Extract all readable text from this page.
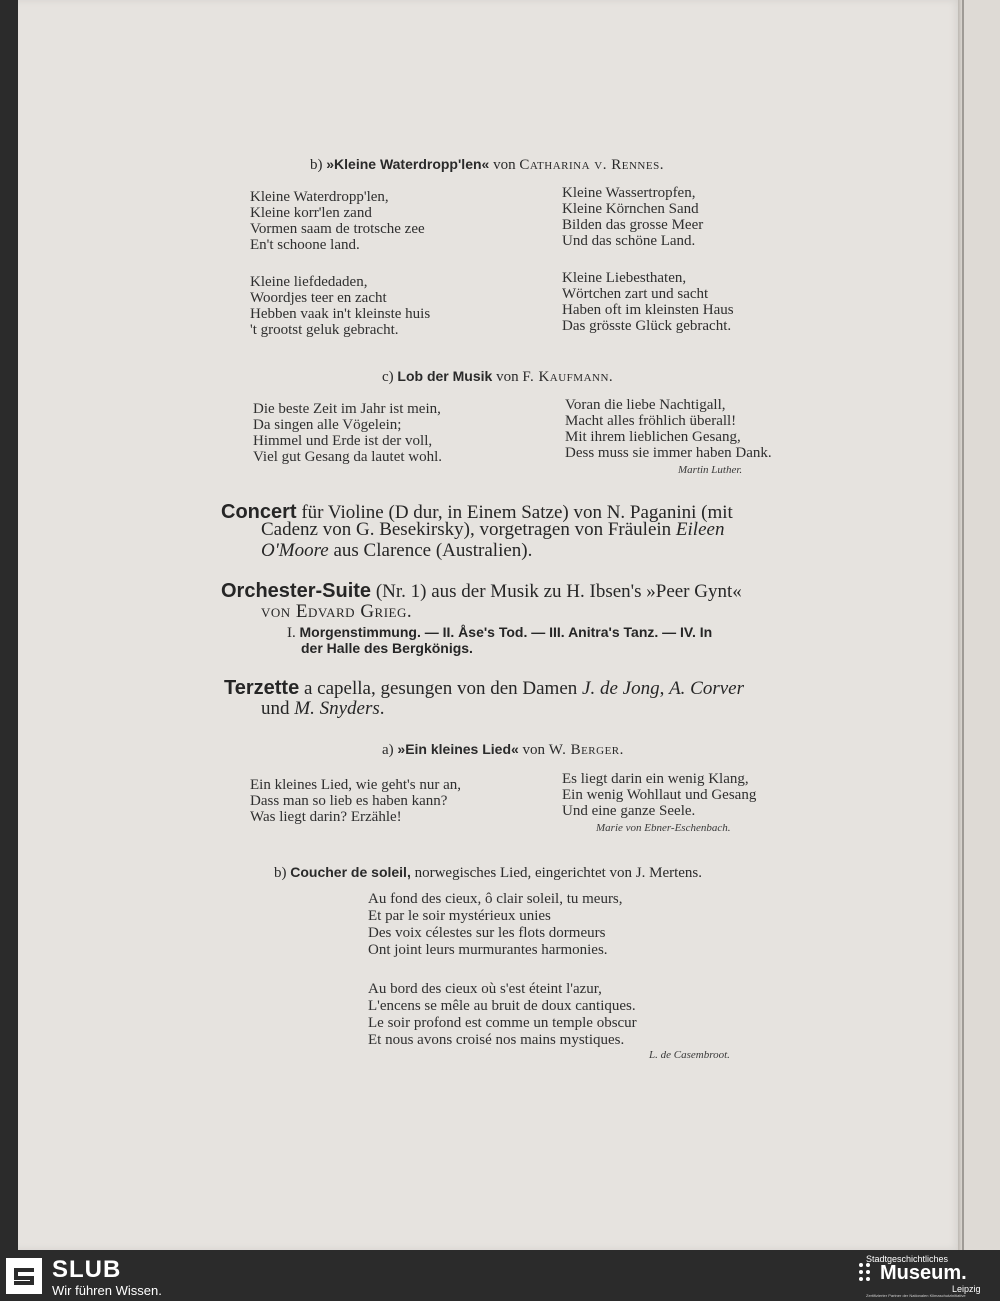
b) »Kleine Waterdropp'len« von Catharina v. Rennes.
Kleine Waterdropp'len,
Kleine korr'len zand
Vormen saam de trotsche zee
En't schoone land.
Kleine liefdedaden,
Woordjes teer en zacht
Hebben vaak in't kleinste huis
't grootst geluk gebracht.
Kleine Wassertropfen,
Kleine Körnchen Sand
Bilden das grosse Meer
Und das schöne Land.
Kleine Liebesthaten,
Wörtchen zart und sacht
Haben oft im kleinsten Haus
Das grösste Glück gebracht.
c) Lob der Musik von F. Kaufmann.
Die beste Zeit im Jahr ist mein,
Da singen alle Vögelein;
Himmel und Erde ist der voll,
Viel gut Gesang da lautet wohl.
Voran die liebe Nachtigall,
Macht alles fröhlich überall!
Mit ihrem lieblichen Gesang,
Dess muss sie immer haben Dank.
Martin Luther.
Concert für Violine (D dur, in Einem Satze) von N. Paganini (mit
Cadenz von G. Besekirsky), vorgetragen von Fräulein Eileen
O'Moore aus Clarence (Australien).
Orchester-Suite (Nr. 1) aus der Musik zu H. Ibsen's »Peer Gynt«
von Edvard Grieg.
I. Morgenstimmung. — II. Åse's Tod. — III. Anitra's Tanz. — IV. In
der Halle des Bergkönigs.
Terzette a capella, gesungen von den Damen J. de Jong, A. Corver
und M. Snyders.
a) »Ein kleines Lied« von W. Berger.
Ein kleines Lied, wie geht's nur an,
Dass man so lieb es haben kann?
Was liegt darin? Erzähle!
Es liegt darin ein wenig Klang,
Ein wenig Wohllaut und Gesang
Und eine ganze Seele.
Marie von Ebner-Eschenbach.
b) Coucher de soleil, norwegisches Lied, eingerichtet von J. Mertens.
Au fond des cieux, ô clair soleil, tu meurs,
Et par le soir mystérieux unies
Des voix célestes sur les flots dormeurs
Ont joint leurs murmurantes harmonies.
Au bord des cieux où s'est éteint l'azur,
L'encens se mêle au bruit de doux cantiques.
Le soir profond est comme un temple obscur
Et nous avons croisé nos mains mystiques.
L. de Casembroot.
SLUB
Wir führen Wissen.
Stadtgeschichtliches
Museum.
Leipzig
Zertifizierter Partner der Nationalen Klimaschutzinitiative
